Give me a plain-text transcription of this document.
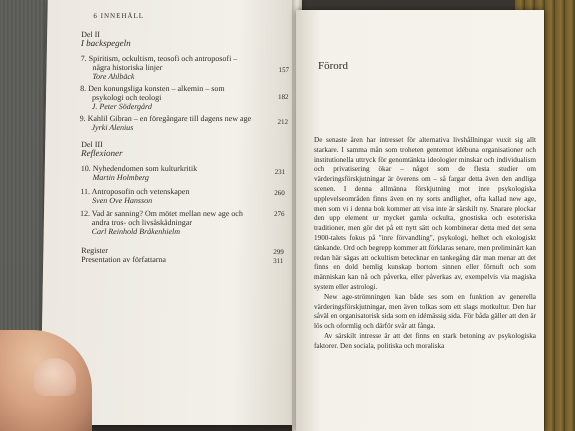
6 INNEHÅLL
Del II
I backspegeln
7. Spiritism, ockultism, teosofi och antroposofi –
några historiska linjer
Tore Ahlbäck
157
8. Den konungsliga konsten – alkemin – som
psykologi och teologi
J. Peter Södergård
182
9. Kahlil Gibran – en föregångare till dagens new age
Jyrki Alenius
212
Del III
Reflexioner
10. Nyhedendomen som kulturkritik
Martin Holmberg
231
11. Antroposofin och vetenskapen
Sven Ove Hansson
260
12. Vad är sanning? Om mötet mellan new age och
andra tros- och livsåskådningar
Carl Reinhold Bråkenhielm
276
Register	299
Presentation av författarna	311
Förord

De senaste åren har intresset för alternativa livshållningar vuxit sig allt starkare. I samma mån som troheten gentemot idébuna organisationer och institutionella uttryck för genomtänkta ideologier minskar och individualism och privatisering ökar – något som de flesta studier om värderingsförskjutningar är överens om – så fargar detta även den andliga scenen. I denna allmänna förskjutning mot inre psykologiska upplevelseområden finns även en ny sorts andlighet, ofta kallad new age, men som vi i denna bok kommer att visa inte är särskilt ny. Snarare plockar den upp element ur mycket gamla ockulta, gnostiska och esoteriska traditioner, men gör det på ett nytt sätt och kombinerar detta med det sena 1900-talets fokus på "inre förvandling", psykologi, helhet och ekologiskt tänkande. Ord och begrepp kommer att förklaras senare, men preliminärt kan redan här sägas att ockultism betecknar en tankegång där man menar att det finns en dold hemlig kunskap bortom sinnen eller förnuft och som människan kan nå och påverka, eller påverkas av, exempelvis via magiska system eller astrologi.

New age-strömningen kan både ses som en funktion av generella värderingsförskjutningar, men även tolkas som ett slags motkultur. Den har såväl en organisatorisk sida som en idémässig sida. För båda gäller att den är lös och oformlig och därför svår att fånga.

Av särskilt intresse är att det finns en stark betoning av psykologiska faktorer. Den sociala, politiska och moraliska
